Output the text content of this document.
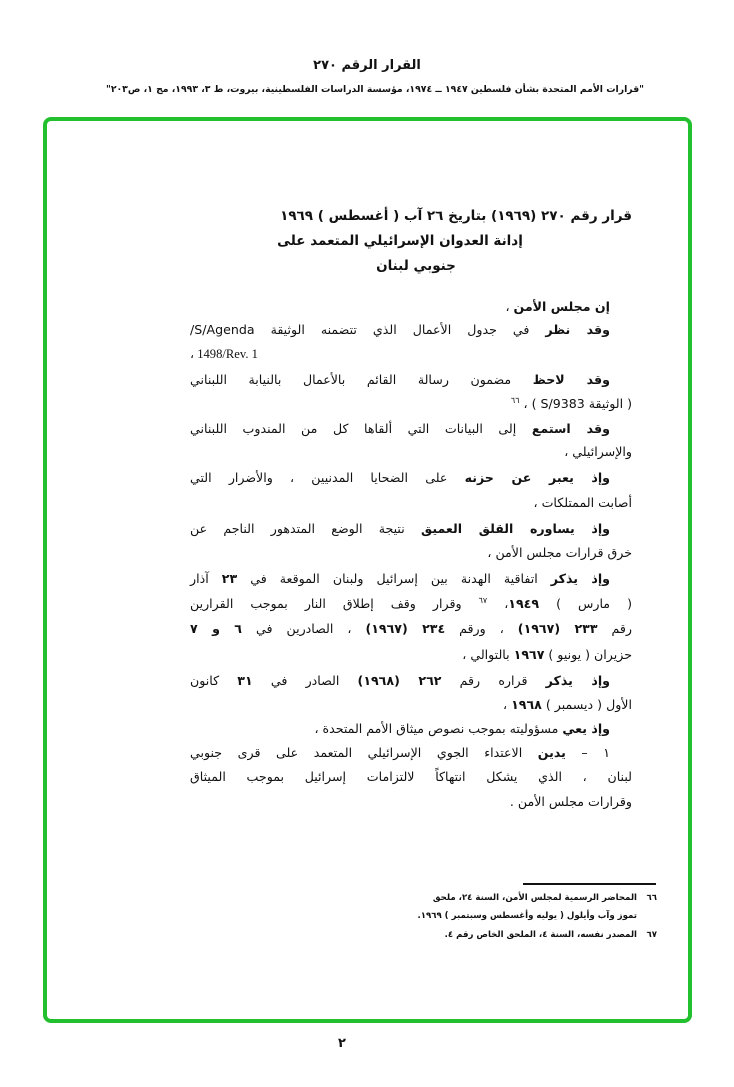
القرار الرقم ٢٧٠
"قرارات الأمم المتحدة بشأن فلسطين ١٩٤٧ ــ ١٩٧٤، مؤسسة الدراسات الفلسطينية، بيروت، ط ٣، ١٩٩٣، مج ١، ص٢٠٣"
قرار رقم ٢٧٠ (١٩٦٩) بتاريخ ٢٦ آب ( أغسطس ) ١٩٦٩
إدانة العدوان الإسرائيلي المتعمد على
جنوبي لبنان
إن مجلس الأمن ،
وقد نظر في جدول الأعمال الذي تتضمنه الوثيقة S/Agenda/
، 1498/Rev. 1
وقد لاحظ مضمون رسالة القائم بالأعمال بالنيابة اللبناني
( الوثيقة S/9383 ) ، $^{٦٦}$
وقد استمع إلى البيانات التي ألقاها كل من المندوب اللبناني
والإسرائيلي ،
وإذ يعبر عن حزنه على الضحايا المدنيين ، والأضرار التي
أصابت الممتلكات ،
وإذ يساوره القلق العميق نتيجة الوضع المتدهور الناجم عن
خرق قرارات مجلس الأمن ،
وإذ يذكر اتفاقية الهدنة بين إسرائيل ولبنان الموقعة في ٢٣ آذار
( مارس ) ١٩٤٩، $^{٦٧}$ وقرار وقف إطلاق النار بموجب القرارين
رقم ٢٣٣ (١٩٦٧) ، ورقم ٢٣٤ (١٩٦٧) ، الصادرين في ٦ و ٧
حزيران ( يونيو ) ١٩٦٧ بالتوالي ،
وإذ يذكر قراره رقم ٢٦٢ (١٩٦٨) الصادر في ٣١ كانون
الأول ( ديسمبر ) ١٩٦٨ ،
وإذ يعي مسؤوليته بموجب نصوص ميثاق الأمم المتحدة ،
١ – يدين الاعتداء الجوي الإسرائيلي المتعمد على قرى جنوبي
لبنان ، الذي يشكل انتهاكاً لالتزامات إسرائيل بموجب الميثاق
وقرارات مجلس الأمن .
٦٦المحاضر الرسمية لمجلس الأمن، السنة ٢٤، ملحق
تموز وآب وأيلول ( يوليه وأغسطس وسبتمبر ) ١٩٦٩.
٦٧المصدر نفسه، السنة ٤، الملحق الخاص رقم ٤.
٢
